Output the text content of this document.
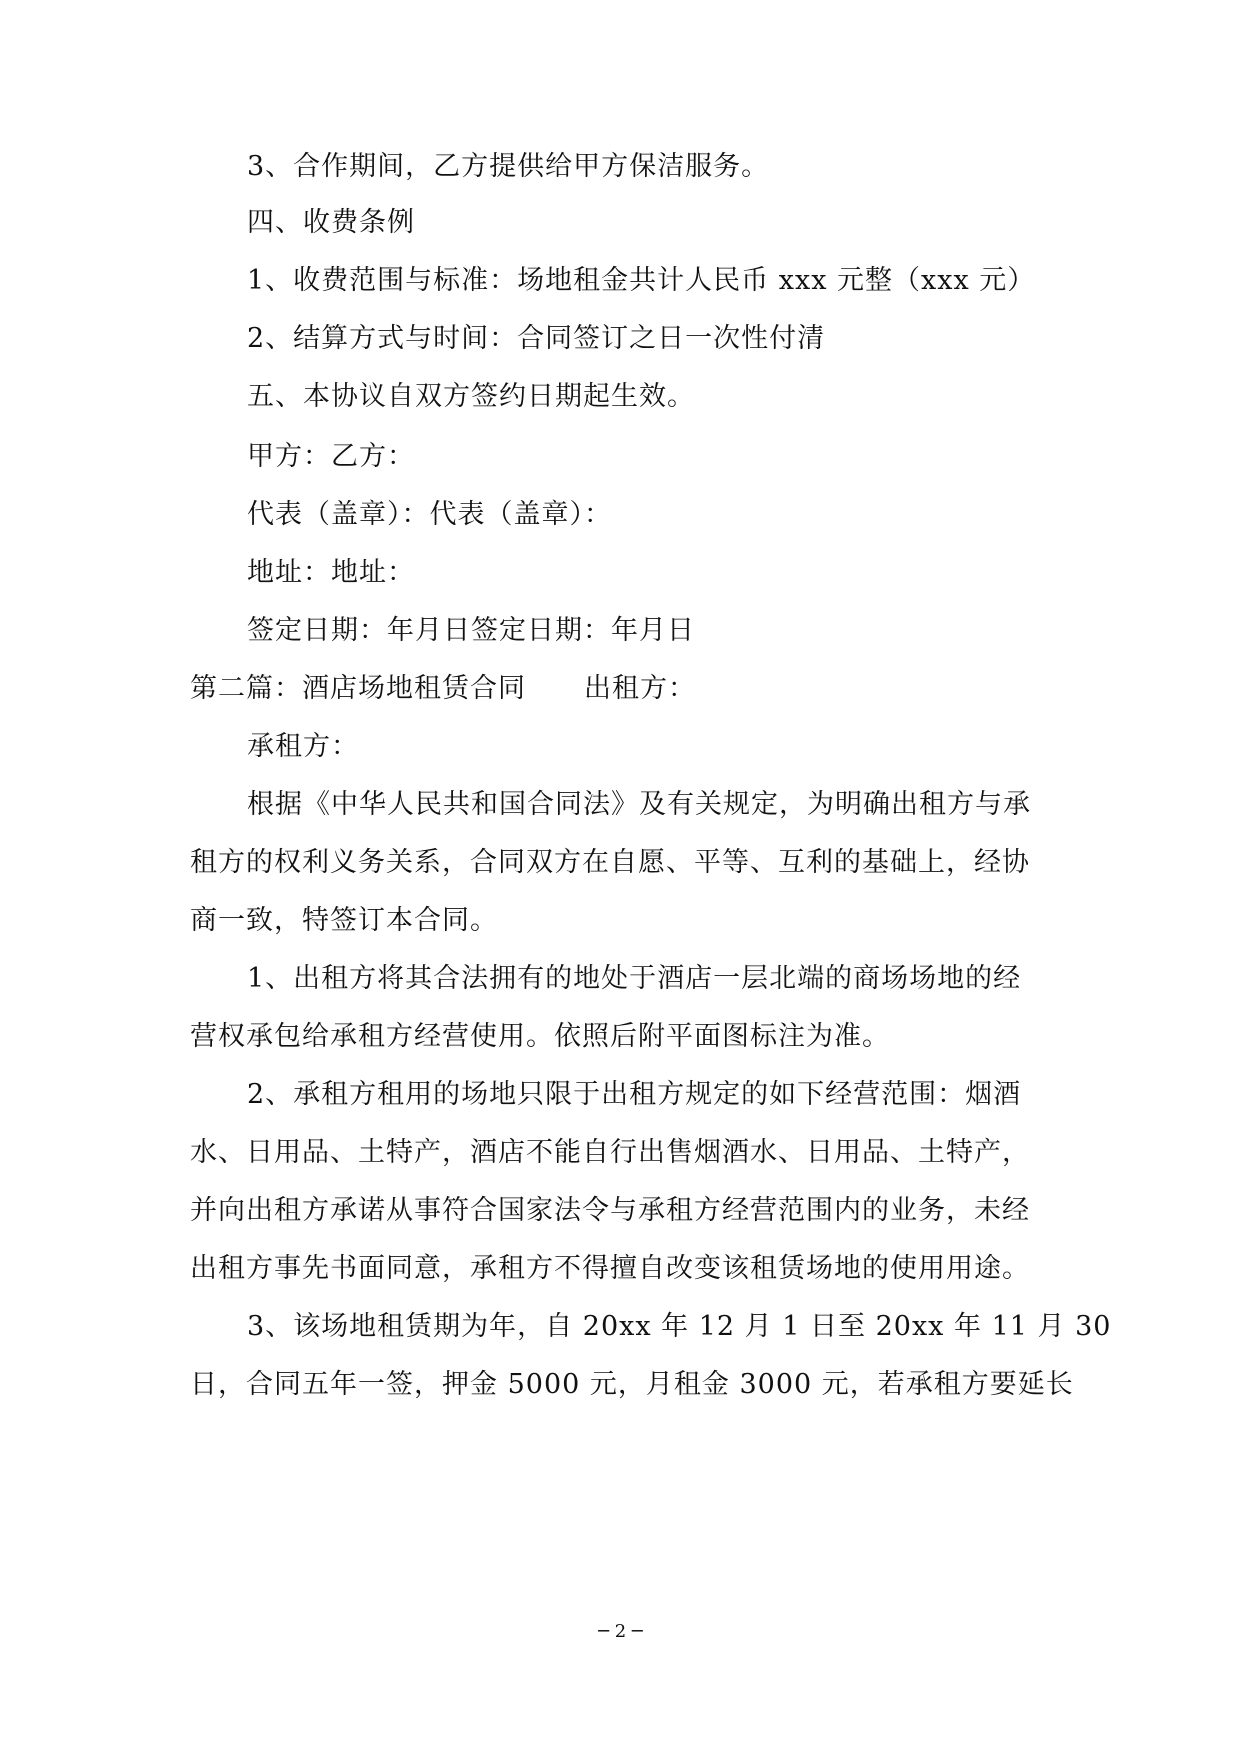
3、合作期间，乙方提供给甲方保洁服务。
四、收费条例
1、收费范围与标准：场地租金共计人民币 xxx 元整（xxx 元）
2、结算方式与时间：合同签订之日一次性付清
五、本协议自双方签约日期起生效。
甲方：乙方：
代表（盖章）：代表（盖章）：
地址：地址：
签定日期：年月日签定日期：年月日
第二篇：酒店场地租赁合同 出租方：
承租方：
根据《中华人民共和国合同法》及有关规定，为明确出租方与承
租方的权利义务关系，合同双方在自愿、平等、互利的基础上，经协
商一致，特签订本合同。
1、出租方将其合法拥有的地处于酒店一层北端的商场场地的经
营权承包给承租方经营使用。依照后附平面图标注为准。
2、承租方租用的场地只限于出租方规定的如下经营范围：烟酒
水、日用品、土特产，酒店不能自行出售烟酒水、日用品、土特产，
并向出租方承诺从事符合国家法令与承租方经营范围内的业务，未经
出租方事先书面同意，承租方不得擅自改变该租赁场地的使用用途。
3、该场地租赁期为年，自 20xx 年 12 月 1 日至 20xx 年 11 月 30
日，合同五年一签，押金 5000 元，月租金 3000 元，若承租方要延长
─ 2 ─
